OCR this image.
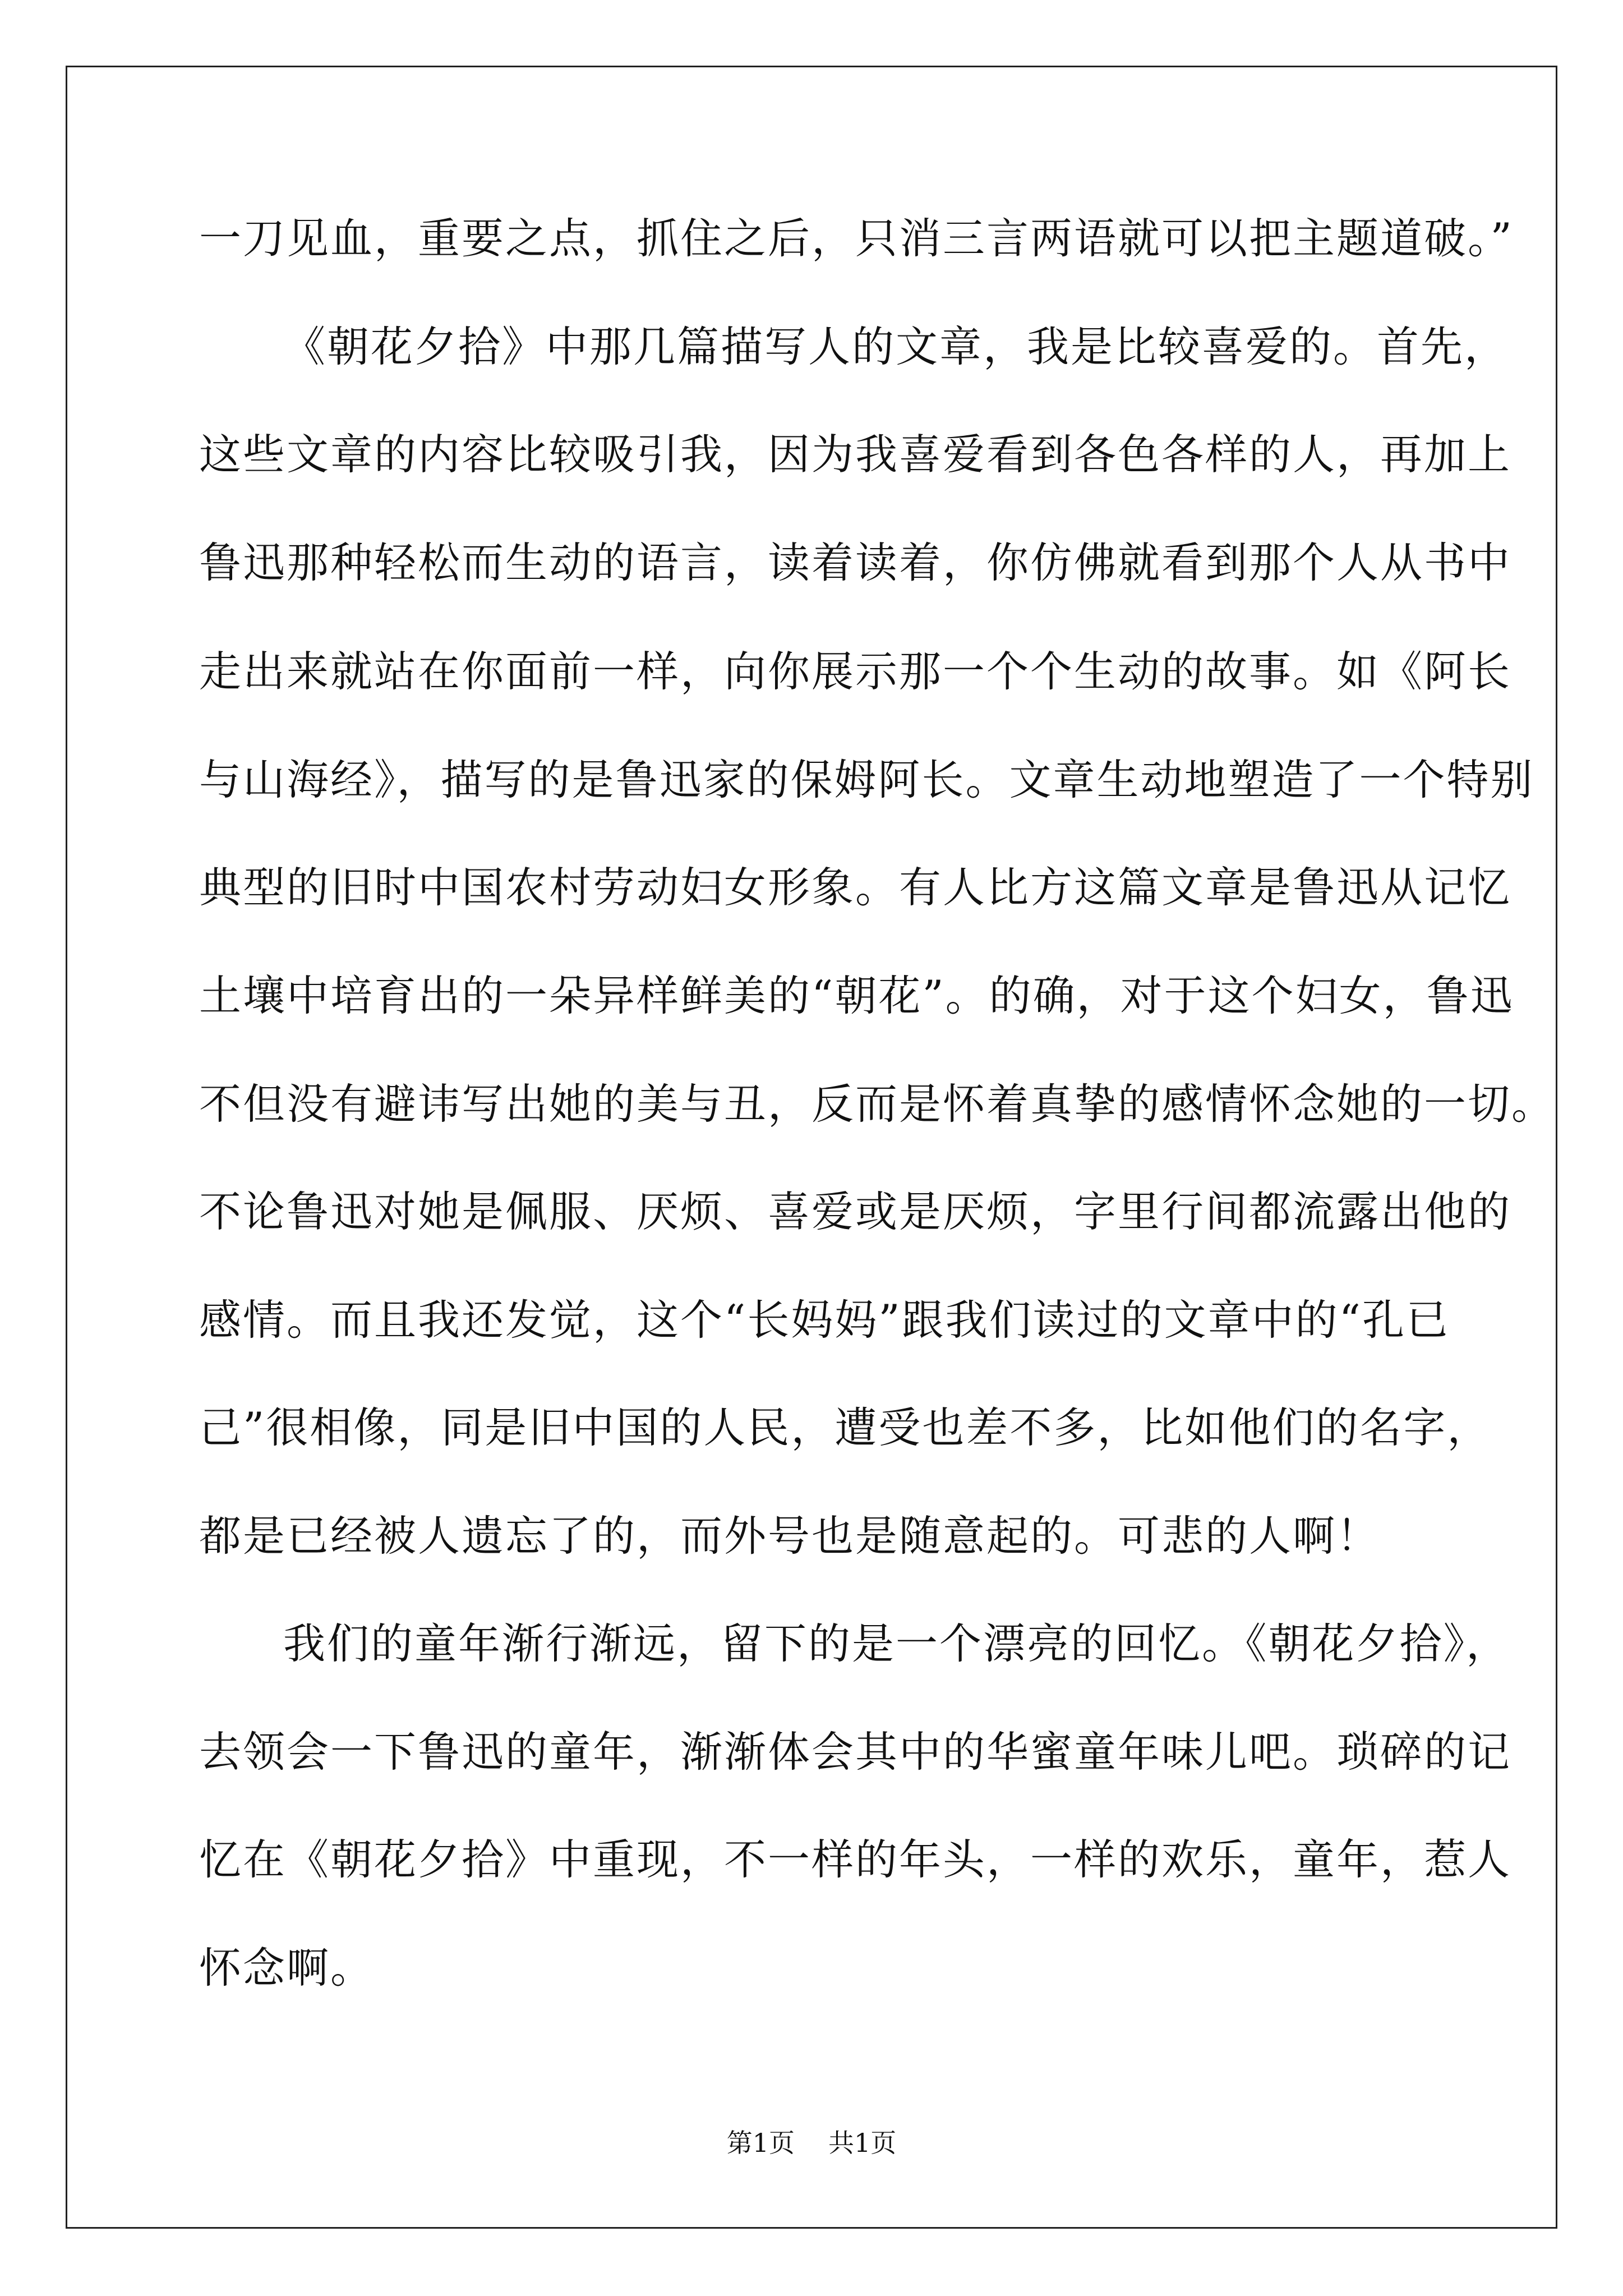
一刀见血，重要之点，抓住之后，只消三言两语就可以把主题道破。”

《朝花夕拾》中那几篇描写人的文章，我是比较喜爱的。首先，

这些文章的内容比较吸引我，因为我喜爱看到各色各样的人，再加上

鲁迅那种轻松而生动的语言，读着读着，你仿佛就看到那个人从书中

走出来就站在你面前一样，向你展示那一个个生动的故事。如《阿长

与山海经》，描写的是鲁迅家的保姆阿长。文章生动地塑造了一个特别

典型的旧时中国农村劳动妇女形象。有人比方这篇文章是鲁迅从记忆

土壤中培育出的一朵异样鲜美的“朝花”。的确，对于这个妇女，鲁迅

不但没有避讳写出她的美与丑，反而是怀着真挚的感情怀念她的一切。

不论鲁迅对她是佩服、厌烦、喜爱或是厌烦，字里行间都流露出他的

感情。而且我还发觉，这个“长妈妈”跟我们读过的文章中的“孔已

己”很相像，同是旧中国的人民，遭受也差不多，比如他们的名字，

都是已经被人遗忘了的，而外号也是随意起的。可悲的人啊！

我们的童年渐行渐远，留下的是一个漂亮的回忆。《朝花夕拾》，

去领会一下鲁迅的童年，渐渐体会其中的华蜜童年味儿吧。琐碎的记

忆在《朝花夕拾》中重现，不一样的年头，一样的欢乐，童年，惹人

怀念啊。

第1页 共1页
